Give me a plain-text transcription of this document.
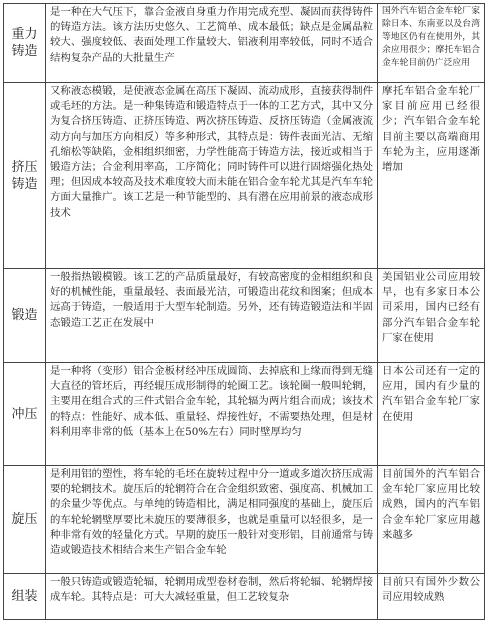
重力铸造
是一种在大气压下，靠合金液自身重力作用完成充型、凝固而获得铸件的铸造方法。该方法历史悠久、工艺简单、成本最低；缺点是金属晶粒较大、强度较低、表面处理工作量较大、铝液利用率较低，同时不适合结构复杂产品的大批量生产
国外汽车铝合金车轮厂家除日本、东南亚以及台湾等地区仍有在使用外，其余应用很少；摩托车铝合金车轮目前仍广泛应用
挤压铸造
又称液态模锻，是使液态金属在高压下凝固、流动成形，直接获得制件或毛坯的方法。是一种集铸造和锻造特点于一体的工艺方式，其中又分为复合挤压铸造、正挤压铸造、两次挤压铸造、反挤压铸造（金属液流动方向与加压方向相反）等多种形式，其特点是：铸件表面光洁、无缩孔缩松等缺陷，金相组织细密，力学性能高于铸造方法，接近或相当于锻造方法；合金利用率高，工序简化；同时铸件可以进行固熔强化热处理；但因成本较高及技术难度较大而未能在铝合金车轮尤其是汽车车轮方面大量推广。该工艺是一种节能型的、具有潜在应用前景的液态成形技术
摩托车铝合金车轮厂家目前应用已经很少；汽车铝合金车轮目前主要以高端商用车轮为主，应用逐渐增加
锻造
一般指热锻模锻。该工艺的产品质量最好，有较高密度的金相组织和良好的机械性能，重量最轻、表面最光洁，可锻造出花纹和图案；但成本远高于铸造，一般适用于大型车轮制造。另外，还有铸造锻造法和半固态锻造工艺正在发展中
美国铝业公司应用较早，也有多家日本公司采用，国内已经有部分汽车铝合金车轮厂家在使用
冲压
是一种将（变形）铝合金板材经冲压成圆筒、去掉底和上缘而得到无缝大直径的管坯后，再经辊压成形制得的轮圈工艺。该轮圈一般叫轮辋，主要用在组合式的三件式铝合金车轮，其轮辐为两片组合而成；该技术的特点：性能好、成本低、重量轻、焊接性好，不需要热处理，但是材料利用率非常的低（基本上在50%左右）同时壁厚均匀
日本公司还有一定的应用，国内有少量的汽车铝合金车轮厂家在使用
旋压
是利用铝的塑性，将车轮的毛坯在旋转过程中分一道或多道次挤压成需要的轮辋技术。旋压后的轮辋符合在合金组织致密、强度高、机械加工的余量少等优点。与单纯的铸造相比，满足相同强度的基础上，旋压后的车轮轮辋壁厚要比未旋压的要薄很多，也就是重量可以轻很多，是一种非常有效的轻量化方式。早期的旋压一般针对变形铝，目前通常与铸造或锻造技术相结合来生产铝合金车轮
目前国外的汽车铝合金车轮厂家应用比较成熟，国内的汽车铝合金车轮厂家应用越来越多
组装
一般只铸造或锻造轮辐，轮辋用成型卷材卷制，然后将轮辐、轮辋焊接成车轮。其特点是：可大大减轻重量，但工艺较复杂
目前只有国外少数公司应用较成熟
